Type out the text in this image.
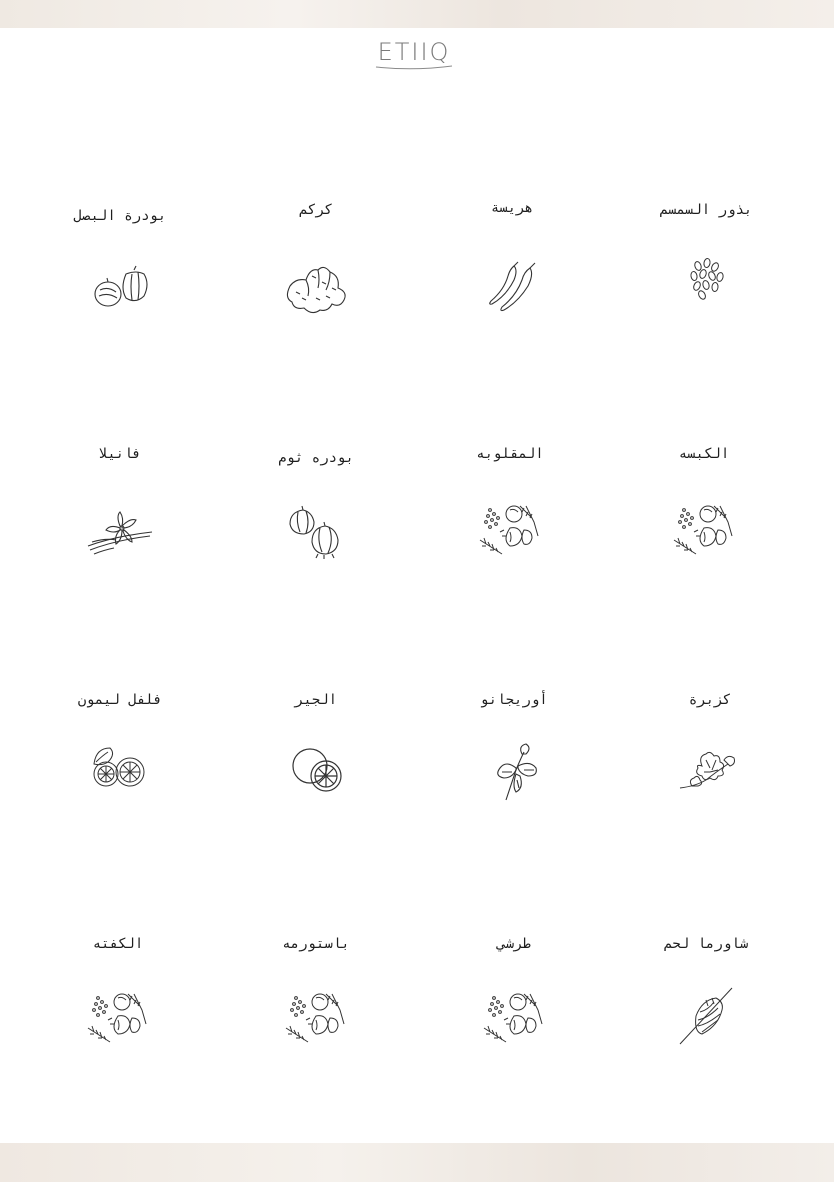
ETIIQ
بذور السمسم
هريسة
كركم
بودرة البصل
الكبسه
المقلوبه
بودره ثوم
فانيلا
كزبرة
أوريجانو
الجير
فلفل ليمون
شاورما لحم
طرشي
باستورمه
الكفته
